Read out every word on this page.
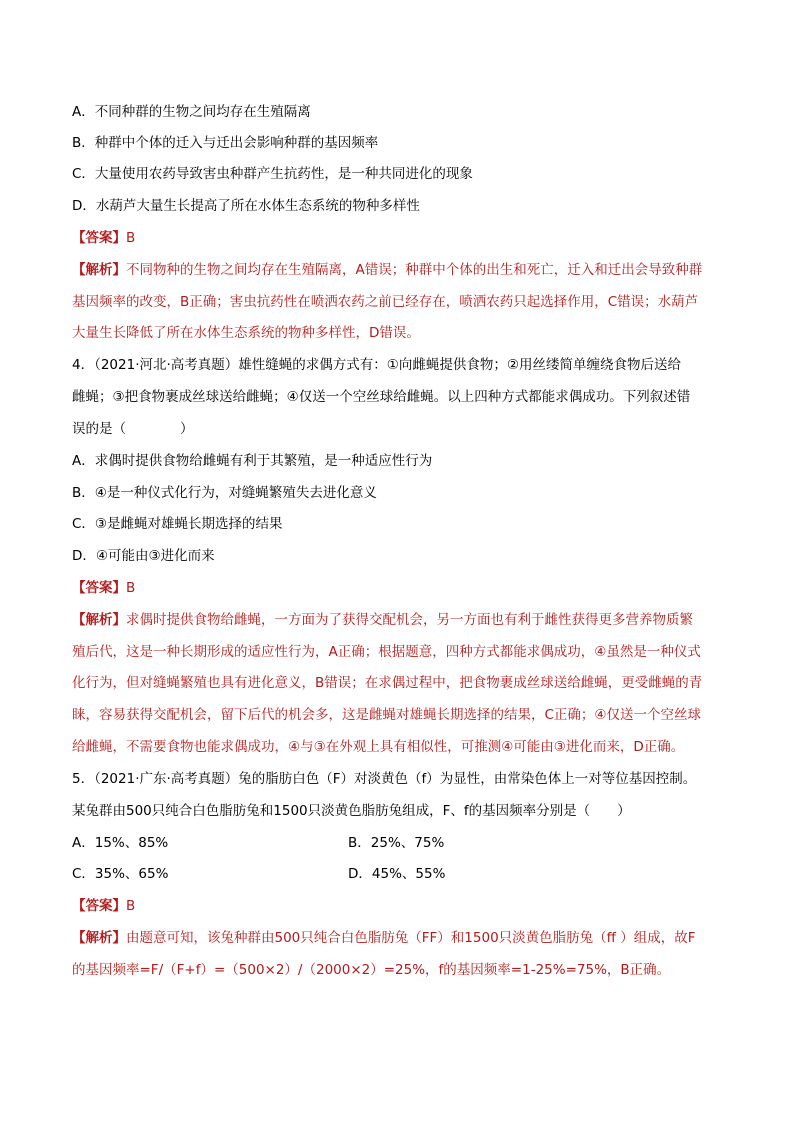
A．不同种群的生物之间均存在生殖隔离
B．种群中个体的迁入与迁出会影响种群的基因频率
C．大量使用农药导致害虫种群产生抗药性，是一种共同进化的现象
D．水葫芦大量生长提高了所在水体生态系统的物种多样性
【答案】B
【解析】不同物种的生物之间均存在生殖隔离，A错误；种群中个体的出生和死亡，迁入和迁出会导致种群
基因频率的改变，B正确；害虫抗药性在喷洒农药之前已经存在，喷洒农药只起选择作用，C错误；水葫芦
大量生长降低了所在水体生态系统的物种多样性，D错误。
4．（2021·河北·高考真题）雄性缝蝇的求偶方式有：①向雌蝇提供食物；②用丝缕简单缠绕食物后送给
雌蝇；③把食物裹成丝球送给雌蝇；④仅送一个空丝球给雌蝇。以上四种方式都能求偶成功。下列叙述错
误的是（　　　　）
A．求偶时提供食物给雌蝇有利于其繁殖，是一种适应性行为
B．④是一种仪式化行为，对缝蝇繁殖失去进化意义
C．③是雌蝇对雄蝇长期选择的结果
D．④可能由③进化而来
【答案】B
【解析】求偶时提供食物给雌蝇，一方面为了获得交配机会，另一方面也有利于雌性获得更多营养物质繁
殖后代，这是一种长期形成的适应性行为，A正确；根据题意，四种方式都能求偶成功，④虽然是一种仪式
化行为，但对缝蝇繁殖也具有进化意义，B错误；在求偶过程中，把食物裹成丝球送给雌蝇，更受雌蝇的青
睐，容易获得交配机会，留下后代的机会多，这是雌蝇对雄蝇长期选择的结果，C正确；④仅送一个空丝球
给雌蝇，不需要食物也能求偶成功，④与③在外观上具有相似性，可推测④可能由③进化而来，D正确。
5．（2021·广东·高考真题）兔的脂肪白色（F）对淡黄色（f）为显性，由常染色体上一对等位基因控制。
某兔群由500只纯合白色脂肪兔和1500只淡黄色脂肪兔组成，F、f的基因频率分别是（　　）
A．15%、85%	B．25%、75%
C．35%、65%	D．45%、55%
【答案】B
【解析】由题意可知，该兔种群由500只纯合白色脂肪兔（FF）和1500只淡黄色脂肪兔（ff ）组成，故F
的基因频率=F/（F+f）=（500×2）/（2000×2）=25%，f的基因频率=1-25%=75%，B正确。
